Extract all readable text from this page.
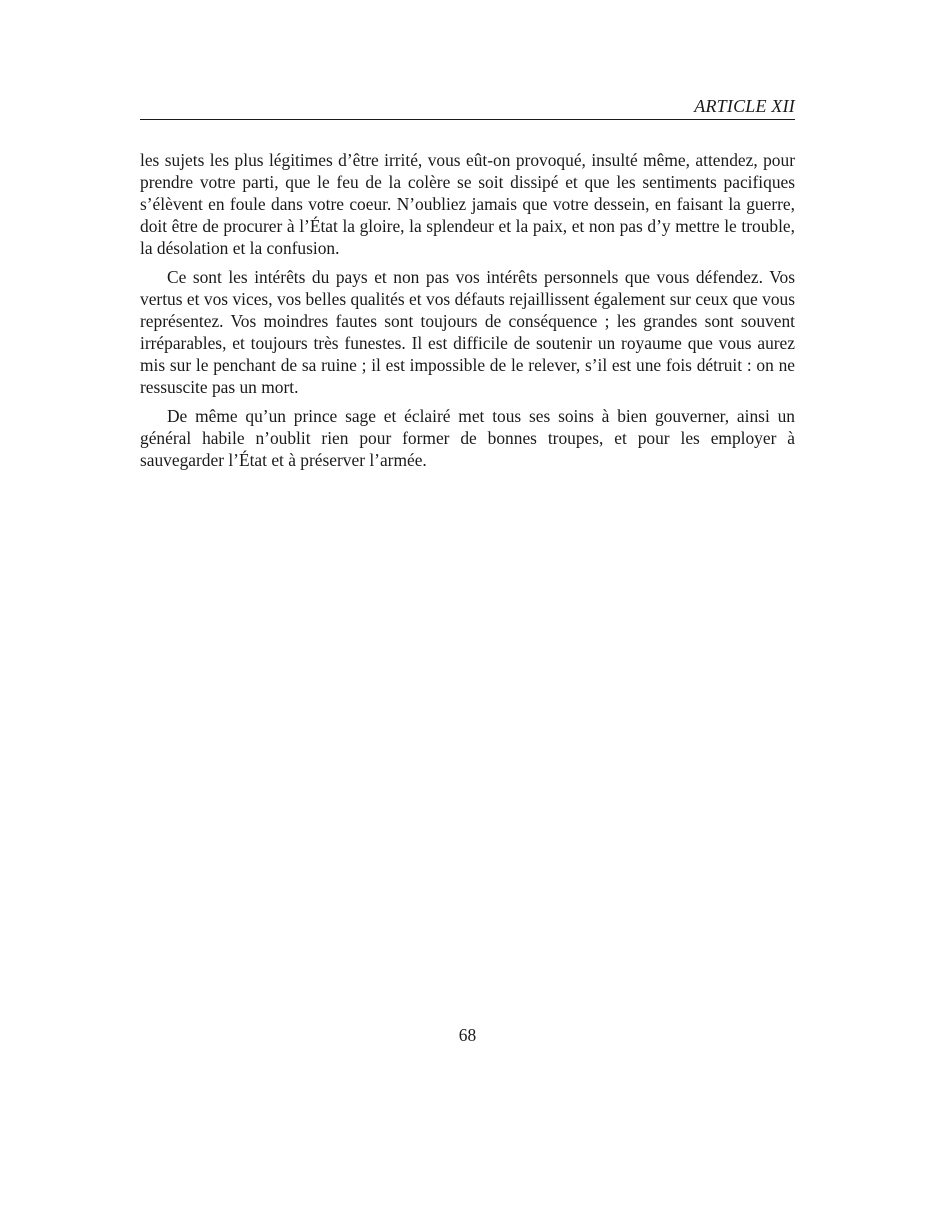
ARTICLE XII

les sujets les plus légitimes d’être irrité, vous eût-on provoqué, insulté même, attendez, pour prendre votre parti, que le feu de la colère se soit dissipé et que les sentiments pacifiques s’élèvent en foule dans votre coeur. N’oubliez jamais que votre dessein, en faisant la guerre, doit être de procurer à l’État la gloire, la splendeur et la paix, et non pas d’y mettre le trouble, la désolation et la confusion.

Ce sont les intérêts du pays et non pas vos intérêts personnels que vous défendez. Vos vertus et vos vices, vos belles qualités et vos défauts rejaillissent également sur ceux que vous représentez. Vos moindres fautes sont toujours de conséquence ; les grandes sont souvent irréparables, et toujours très funestes. Il est difficile de soutenir un royaume que vous aurez mis sur le penchant de sa ruine ; il est impossible de le relever, s’il est une fois détruit : on ne ressuscite pas un mort.

De même qu’un prince sage et éclairé met tous ses soins à bien gouverner, ainsi un général habile n’oublit rien pour former de bonnes troupes, et pour les employer à sauvegarder l’État et à préserver l’armée.

68
